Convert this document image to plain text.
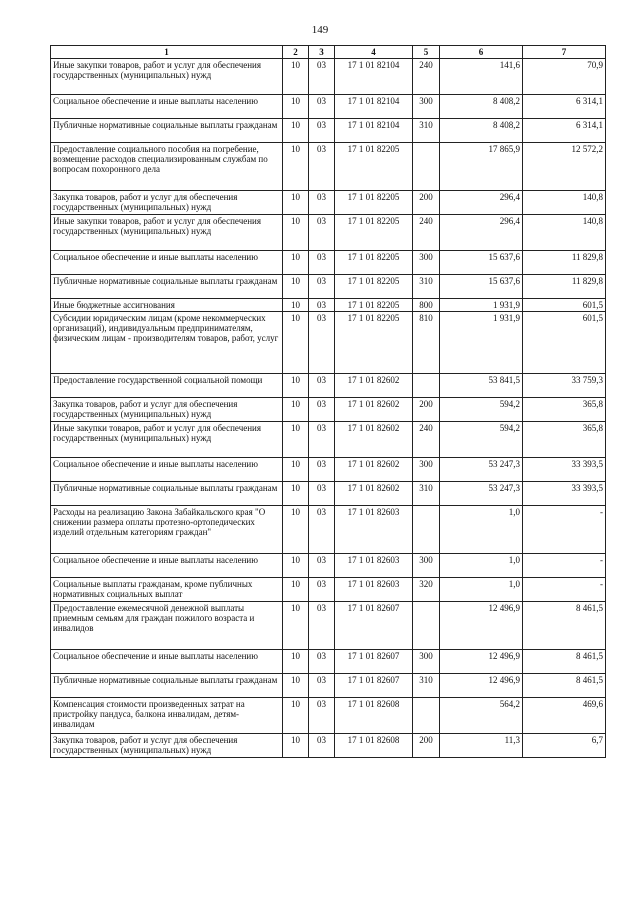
149
1	2	3	4	5	6	7
Иные закупки товаров, работ и услуг для обеспечения государственных (муниципальных) нужд	10	03	17 1 01 82104	240	141,6	70,9
Социальное обеспечение и иные выплаты населению	10	03	17 1 01 82104	300	8 408,2	6 314,1
Публичные нормативные социальные выплаты гражданам	10	03	17 1 01 82104	310	8 408,2	6 314,1
Предоставление социального пособия на погребение, возмещение расходов специализированным службам по вопросам похоронного дела	10	03	17 1 01 82205		17 865,9	12 572,2
Закупка товаров, работ и услуг для обеспечения государственных (муниципальных) нужд	10	03	17 1 01 82205	200	296,4	140,8
Иные закупки товаров, работ и услуг для обеспечения государственных (муниципальных) нужд	10	03	17 1 01 82205	240	296,4	140,8
Социальное обеспечение и иные выплаты населению	10	03	17 1 01 82205	300	15 637,6	11 829,8
Публичные нормативные социальные выплаты гражданам	10	03	17 1 01 82205	310	15 637,6	11 829,8
Иные бюджетные ассигнования	10	03	17 1 01 82205	800	1 931,9	601,5
Субсидии юридическим лицам (кроме некоммерческих организаций), индивидуальным предпринимателям, физическим лицам - производителям товаров, работ, услуг	10	03	17 1 01 82205	810	1 931,9	601,5
Предоставление государственной социальной помощи	10	03	17 1 01 82602		53 841,5	33 759,3
Закупка товаров, работ и услуг для обеспечения государственных (муниципальных) нужд	10	03	17 1 01 82602	200	594,2	365,8
Иные закупки товаров, работ и услуг для обеспечения государственных (муниципальных) нужд	10	03	17 1 01 82602	240	594,2	365,8
Социальное обеспечение и иные выплаты населению	10	03	17 1 01 82602	300	53 247,3	33 393,5
Публичные нормативные социальные выплаты гражданам	10	03	17 1 01 82602	310	53 247,3	33 393,5
Расходы на реализацию Закона Забайкальского края "О снижении размера оплаты протезно-ортопедических изделий отдельным категориям граждан"	10	03	17 1 01 82603		1,0	-
Социальное обеспечение и иные выплаты населению	10	03	17 1 01 82603	300	1,0	-
Социальные выплаты гражданам, кроме публичных нормативных социальных выплат	10	03	17 1 01 82603	320	1,0	-
Предоставление ежемесячной денежной выплаты приемным семьям для граждан пожилого возраста и инвалидов	10	03	17 1 01 82607		12 496,9	8 461,5
Социальное обеспечение и иные выплаты населению	10	03	17 1 01 82607	300	12 496,9	8 461,5
Публичные нормативные социальные выплаты гражданам	10	03	17 1 01 82607	310	12 496,9	8 461,5
Компенсация стоимости произведенных затрат на пристройку пандуса, балкона инвалидам, детям-инвалидам	10	03	17 1 01 82608		564,2	469,6
Закупка товаров, работ и услуг для обеспечения государственных (муниципальных) нужд	10	03	17 1 01 82608	200	11,3	6,7
